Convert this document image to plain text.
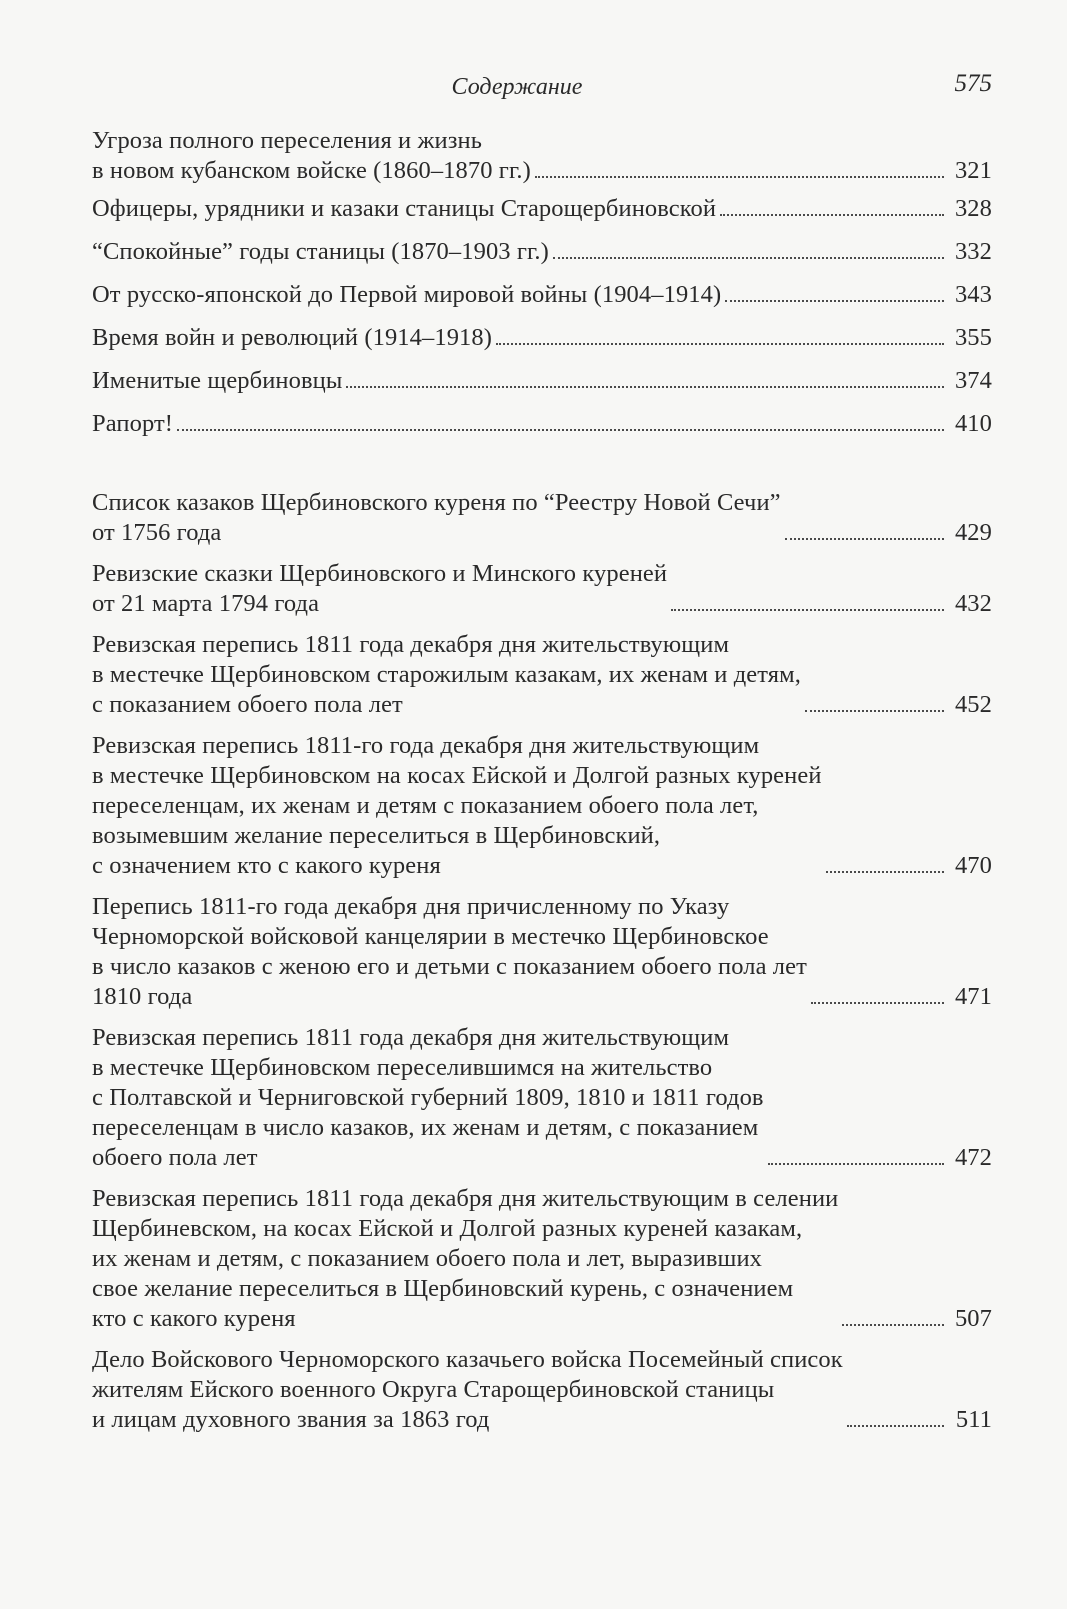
Содержание	575
Угроза полного переселения и жизнь
в новом кубанском войске (1860–1870 гг.)	321
Офицеры, урядники и казаки станицы Старощербиновской	328
“Спокойные” годы станицы (1870–1903 гг.)	332
От русско-японской до Первой мировой войны (1904–1914)	343
Время войн и революций (1914–1918)	355
Именитые щербиновцы	374
Рапорт!	410
Список казаков Щербиновского куреня по “Реестру Новой Сечи”
от 1756 года	429
Ревизские сказки Щербиновского и Минского куреней
от 21 марта 1794 года	432
Ревизская перепись 1811 года декабря дня жительствующим
в местечке Щербиновском старожилым казакам, их женам и детям,
с показанием обоего пола лет	452
Ревизская перепись 1811-го года декабря дня жительствующим
в местечке Щербиновском на косах Ейской и Долгой разных куреней
переселенцам, их женам и детям с показанием обоего пола лет,
возымевшим желание переселиться в Щербиновский,
с означением кто с какого куреня	470
Перепись 1811-го года декабря дня причисленному по Указу
Черноморской войсковой канцелярии в местечко Щербиновское
в число казаков с женою его и детьми с показанием обоего пола лет
1810 года	471
Ревизская перепись 1811 года декабря дня жительствующим
в местечке Щербиновском переселившимся на жительство
с Полтавской и Черниговской губерний 1809, 1810 и 1811 годов
переселенцам в число казаков, их женам и детям, с показанием
обоего пола лет	472
Ревизская перепись 1811 года декабря дня жительствующим в селении
Щербиневском, на косах Ейской и Долгой разных куреней казакам,
их женам и детям, с показанием обоего пола и лет, выразивших
свое желание переселиться в Щербиновский курень, с означением
кто с какого куреня	507
Дело Войскового Черноморского казачьего войска Посемейный список
жителям Ейского военного Округа Старощербиновской станицы
и лицам духовного звания за 1863 год	511
